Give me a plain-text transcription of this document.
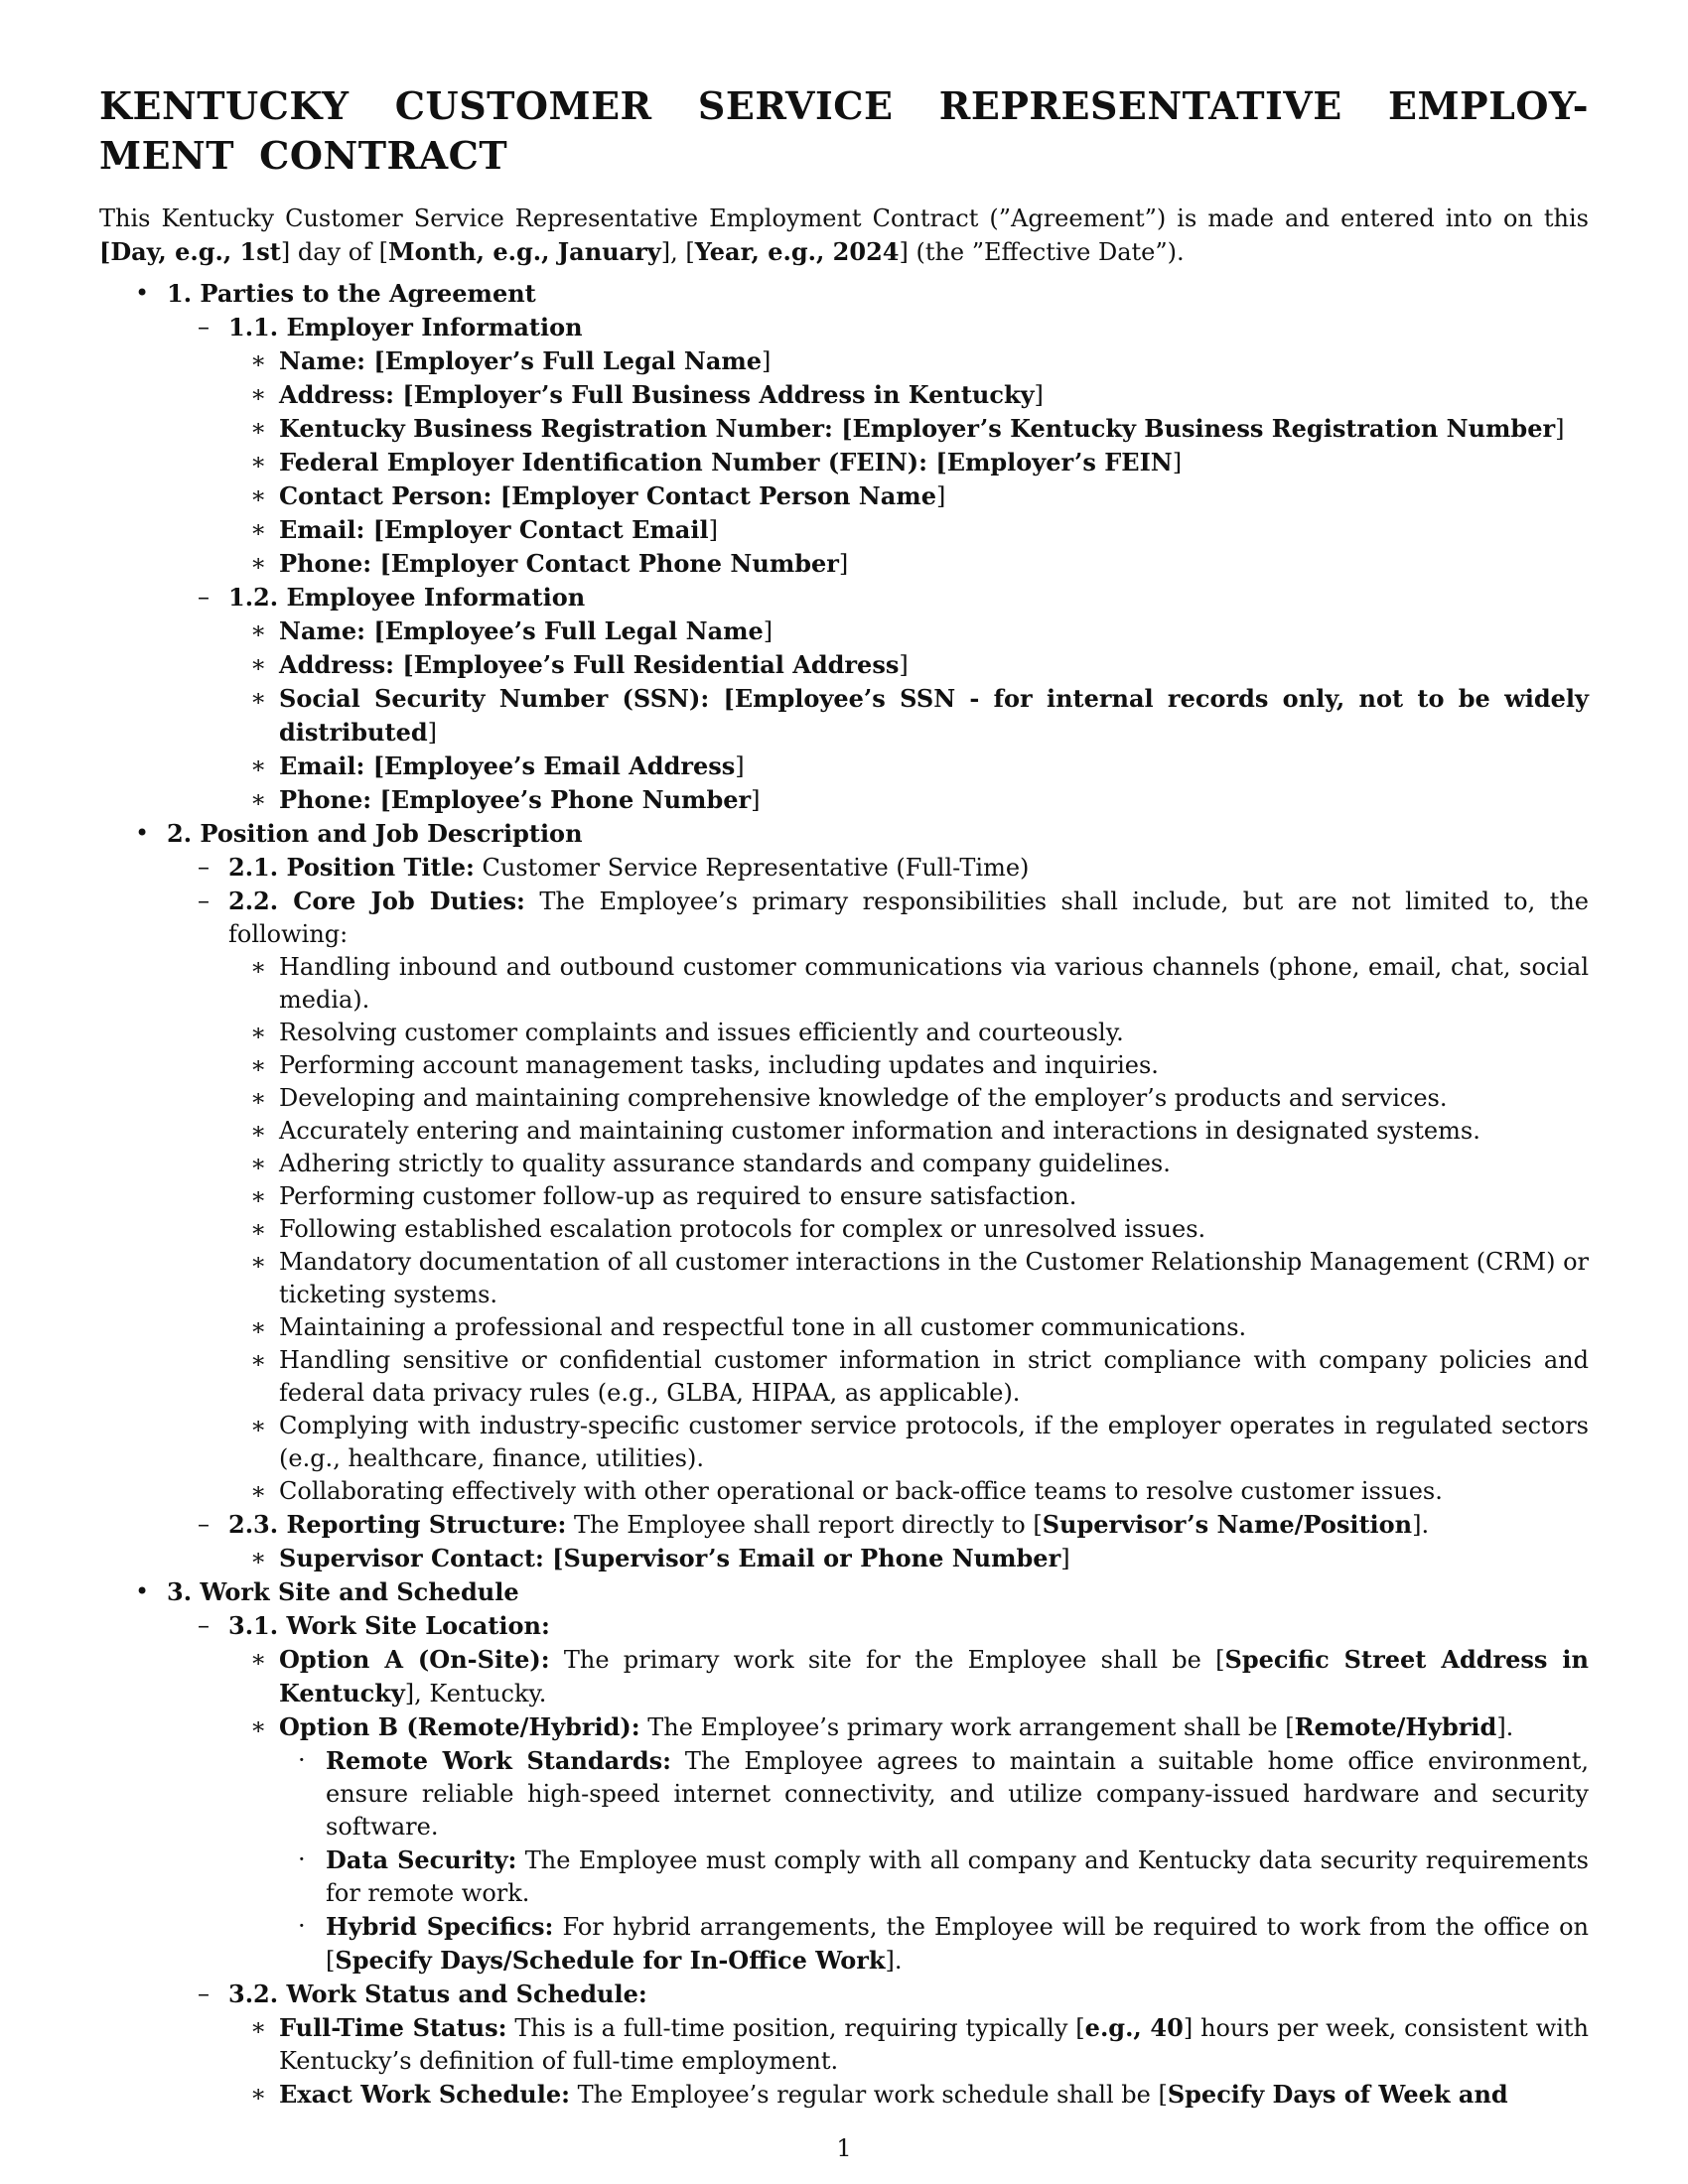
KENTUCKY CUSTOMER SERVICE REPRESENTATIVE EMPLOY-MENT CONTRACT

This Kentucky Customer Service Representative Employment Contract (”Agreement”) is made and entered into on this [Day, e.g., 1st] day of [Month, e.g., January], [Year, e.g., 2024] (the ”Effective Date”).

• 1. Parties to the Agreement
– 1.1. Employer Information
∗ Name: [Employer’s Full Legal Name]
∗ Address: [Employer’s Full Business Address in Kentucky]
∗ Kentucky Business Registration Number: [Employer’s Kentucky Business Registration Number]
∗ Federal Employer Identification Number (FEIN): [Employer’s FEIN]
∗ Contact Person: [Employer Contact Person Name]
∗ Email: [Employer Contact Email]
∗ Phone: [Employer Contact Phone Number]
– 1.2. Employee Information
∗ Name: [Employee’s Full Legal Name]
∗ Address: [Employee’s Full Residential Address]
∗ Social Security Number (SSN): [Employee’s SSN - for internal records only, not to be widely distributed]
∗ Email: [Employee’s Email Address]
∗ Phone: [Employee’s Phone Number]
• 2. Position and Job Description
– 2.1. Position Title: Customer Service Representative (Full-Time)
– 2.2. Core Job Duties: The Employee’s primary responsibilities shall include, but are not limited to, the following:
∗ Handling inbound and outbound customer communications via various channels (phone, email, chat, social media).
∗ Resolving customer complaints and issues efficiently and courteously.
∗ Performing account management tasks, including updates and inquiries.
∗ Developing and maintaining comprehensive knowledge of the employer’s products and services.
∗ Accurately entering and maintaining customer information and interactions in designated systems.
∗ Adhering strictly to quality assurance standards and company guidelines.
∗ Performing customer follow-up as required to ensure satisfaction.
∗ Following established escalation protocols for complex or unresolved issues.
∗ Mandatory documentation of all customer interactions in the Customer Relationship Management (CRM) or ticketing systems.
∗ Maintaining a professional and respectful tone in all customer communications.
∗ Handling sensitive or confidential customer information in strict compliance with company policies and federal data privacy rules (e.g., GLBA, HIPAA, as applicable).
∗ Complying with industry-specific customer service protocols, if the employer operates in regulated sectors (e.g., healthcare, finance, utilities).
∗ Collaborating effectively with other operational or back-office teams to resolve customer issues.
– 2.3. Reporting Structure: The Employee shall report directly to [Supervisor’s Name/Position].
∗ Supervisor Contact: [Supervisor’s Email or Phone Number]
• 3. Work Site and Schedule
– 3.1. Work Site Location:
∗ Option A (On-Site): The primary work site for the Employee shall be [Specific Street Address in Kentucky], Kentucky.
∗ Option B (Remote/Hybrid): The Employee’s primary work arrangement shall be [Remote/Hybrid].
· Remote Work Standards: The Employee agrees to maintain a suitable home office environment, ensure reliable high-speed internet connectivity, and utilize company-issued hardware and security software.
· Data Security: The Employee must comply with all company and Kentucky data security requirements for remote work.
· Hybrid Specifics: For hybrid arrangements, the Employee will be required to work from the office on [Specify Days/Schedule for In-Office Work].
– 3.2. Work Status and Schedule:
∗ Full-Time Status: This is a full-time position, requiring typically [e.g., 40] hours per week, consistent with Kentucky’s definition of full-time employment.
∗ Exact Work Schedule: The Employee’s regular work schedule shall be [Specify Days of Week and
1
